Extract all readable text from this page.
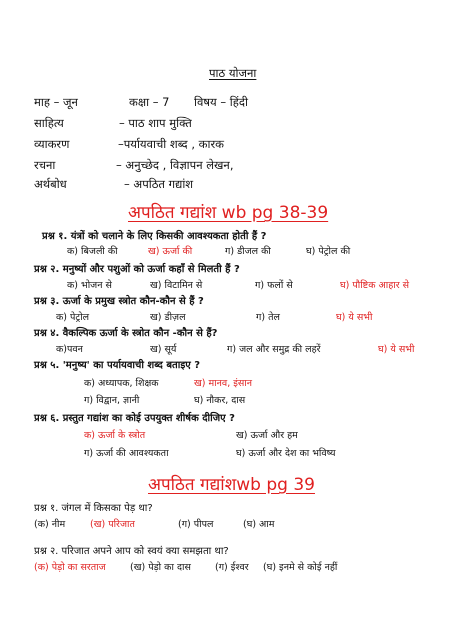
पाठ योजना
माह – जून	कक्षा – 7 विषय – हिंदी
साहित्य	– पाठ शाप मुक्ति
व्याकरण	–पर्यायवाची शब्द , कारक
रचना	– अनुच्छेद , विज्ञापन लेखन,
अर्थबोध	– अपठित गद्यांश
अपठित गद्यांश wb pg 38-39
प्रश्न १. यंत्रों को चलाने के लिए किसकी आवश्यकता होती हैं ?
क) बिजली की	ख) ऊर्जा की	ग) डीजल की	घ) पेट्रोल की
प्रश्न २. मनुष्यों और पशुओं को ऊर्जा कहाँ से मिलती हैं ?
क) भोजन से	ख) विटामिन से	ग) फलों से	घ) पौष्टिक आहार से
प्रश्न ३. ऊर्जा के प्रमुख स्त्रोत कौन-कौन से हैं ?
क) पेट्रोल	ख) डीज़ल	ग) तेल	घ) ये सभी
प्रश्न ४. वैकल्पिक ऊर्जा के स्त्रोत कौन -कौन से हैं?
क)पवन	ख) सूर्य	ग) जल और समुद्र की लहरें	घ) ये सभी
प्रश्न ५. 'मनुष्य' का पर्यायवाची शब्द बताइए ?
क) अध्यापक, शिक्षक	ख) मानव, इंसान
ग) विद्वान, ज्ञानी	घ) नौकर, दास
प्रश्न ६. प्रस्तुत गद्यांश का कोई उपयुक्त शीर्षक दीजिए ?
क) ऊर्जा के स्त्रोत	ख) ऊर्जा और हम
ग) ऊर्जा की आवश्यकता	घ) ऊर्जा और देश का भविष्य
अपठित गद्यांशwb pg 39
प्रश्न १. जंगल में किसका पेड़ था?
(क) नीम	(ख) परिजात	(ग) पीपल	(घ) आम
प्रश्न २. परिजात अपने आप को स्वयं क्या समझता था?
(क) पेड़ो का सरताज	(ख) पेड़ो का दास	(ग) ईश्वर (घ) इनमे से कोई नहीं
